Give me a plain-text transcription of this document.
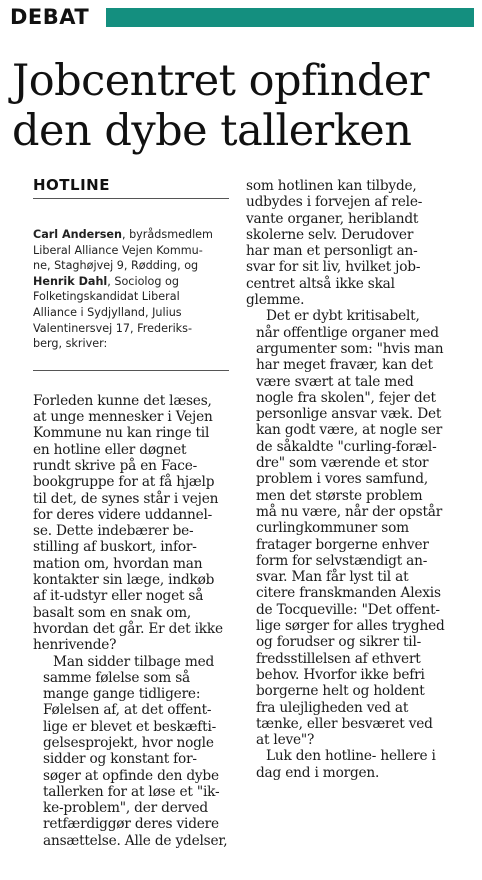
DEBAT
Jobcentret opfinder
den dybe tallerken
HOTLINE
Carl Andersen, byrådsmedlem
Liberal Alliance Vejen Kommu-
ne, Staghøjvej 9, Rødding, og
Henrik Dahl, Sociolog og
Folketingskandidat Liberal
Alliance i Sydjylland, Julius
Valentinersvej 17, Frederiks-
berg, skriver:

Forleden kunne det læses,
at unge mennesker i Vejen
Kommune nu kan ringe til
en hotline eller døgnet
rundt skrive på en Face-
bookgruppe for at få hjælp
til det, de synes står i vejen
for deres videre uddannel-
se. Dette indebærer be-
stilling af buskort, infor-
mation om, hvordan man
kontakter sin læge, indkøb
af it-udstyr eller noget så
basalt som en snak om,
hvordan det går. Er det ikke
henrivende?

Man sidder tilbage med
samme følelse som så
mange gange tidligere:
Følelsen af, at det offent-
lige er blevet et beskæfti-
gelsesprojekt, hvor nogle
sidder og konstant for-
søger at opfinde den dybe
tallerken for at løse et "ik-
ke-problem", der derved
retfærdiggør deres videre
ansættelse. Alle de ydelser,

som hotlinen kan tilbyde,
udbydes i forvejen af rele-
vante organer, heriblandt
skolerne selv. Derudover
har man et personligt an-
svar for sit liv, hvilket job-
centret altså ikke skal
glemme.

Det er dybt kritisabelt,
når offentlige organer med
argumenter som: "hvis man
har meget fravær, kan det
være svært at tale med
nogle fra skolen", fejer det
personlige ansvar væk. Det
kan godt være, at nogle ser
de såkaldte "curling-foræl-
dre" som værende et stor
problem i vores samfund,
men det største problem
må nu være, når der opstår
curlingkommuner som
fratager borgerne enhver
form for selvstændigt an-
svar. Man får lyst til at
citere franskmanden Alexis
de Tocqueville: "Det offent-
lige sørger for alles tryghed
og forudser og sikrer til-
fredsstillelsen af ethvert
behov. Hvorfor ikke befri
borgerne helt og holdent
fra ulejligheden ved at
tænke, eller besværet ved
at leve"?

Luk den hotline- hellere i
dag end i morgen.
